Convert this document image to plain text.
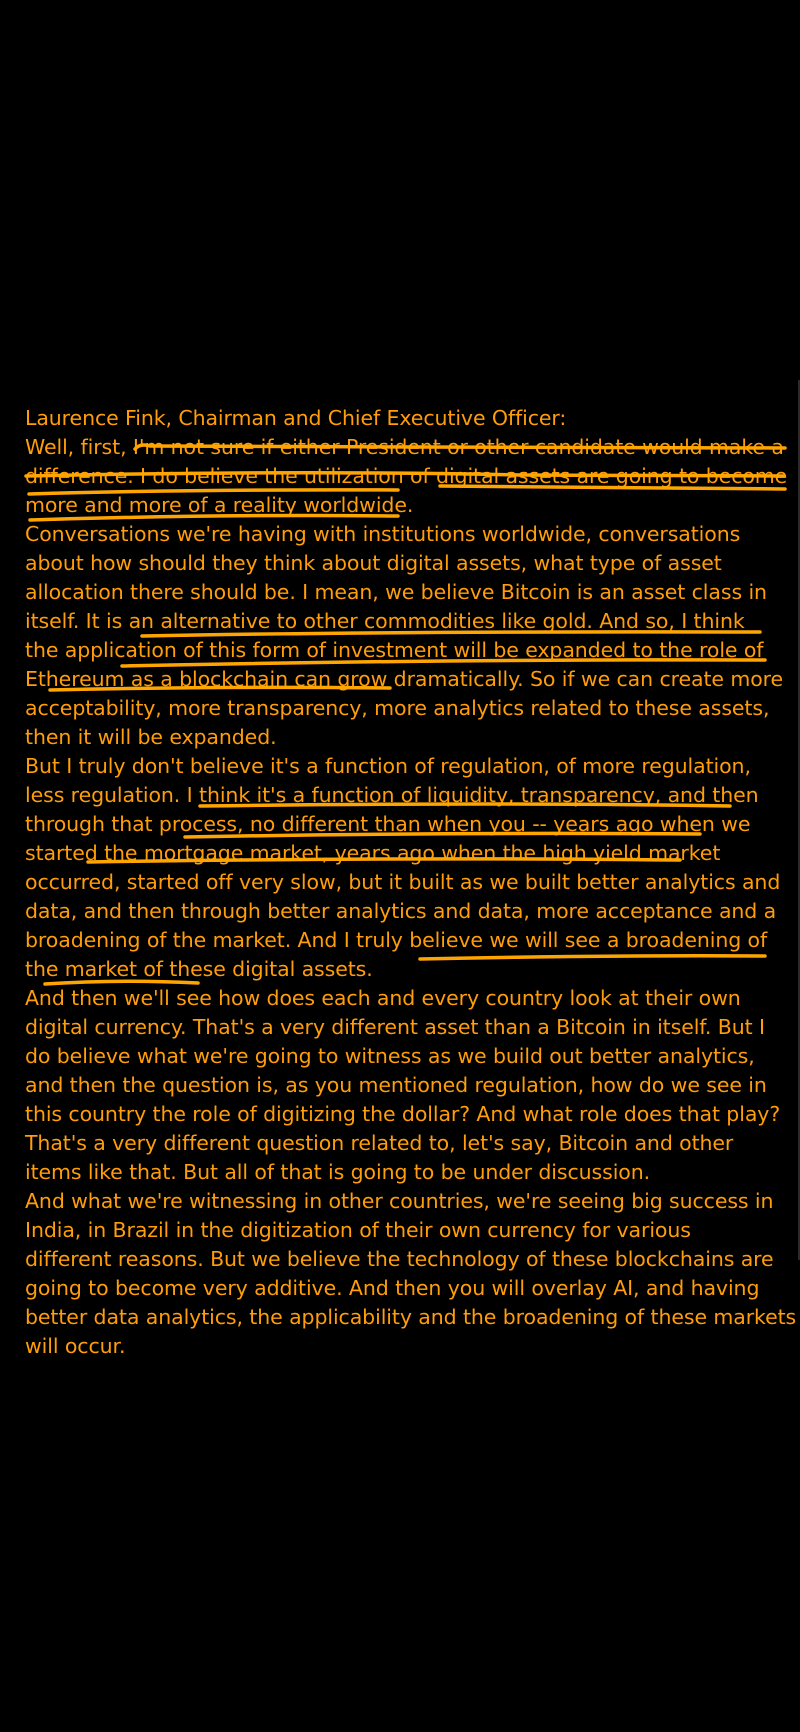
Laurence Fink, Chairman and Chief Executive Officer:
Well, first, I'm not sure if either President or other candidate would make a
difference. I do believe the utilization of digital assets are going to become
more and more of a reality worldwide.
Conversations we're having with institutions worldwide, conversations
about how should they think about digital assets, what type of asset
allocation there should be. I mean, we believe Bitcoin is an asset class in
itself. It is an alternative to other commodities like gold. And so, I think
the application of this form of investment will be expanded to the role of
Ethereum as a blockchain can grow dramatically. So if we can create more
acceptability, more transparency, more analytics related to these assets,
then it will be expanded.
But I truly don't believe it's a function of regulation, of more regulation,
less regulation. I think it's a function of liquidity, transparency, and then
through that process, no different than when you -- years ago when we
started the mortgage market, years ago when the high yield market
occurred, started off very slow, but it built as we built better analytics and
data, and then through better analytics and data, more acceptance and a
broadening of the market. And I truly believe we will see a broadening of
the market of these digital assets.
And then we'll see how does each and every country look at their own
digital currency. That's a very different asset than a Bitcoin in itself. But I
do believe what we're going to witness as we build out better analytics,
and then the question is, as you mentioned regulation, how do we see in
this country the role of digitizing the dollar? And what role does that play?
That's a very different question related to, let's say, Bitcoin and other
items like that. But all of that is going to be under discussion.
And what we're witnessing in other countries, we're seeing big success in
India, in Brazil in the digitization of their own currency for various
different reasons. But we believe the technology of these blockchains are
going to become very additive. And then you will overlay AI, and having
better data analytics, the applicability and the broadening of these markets
will occur.
